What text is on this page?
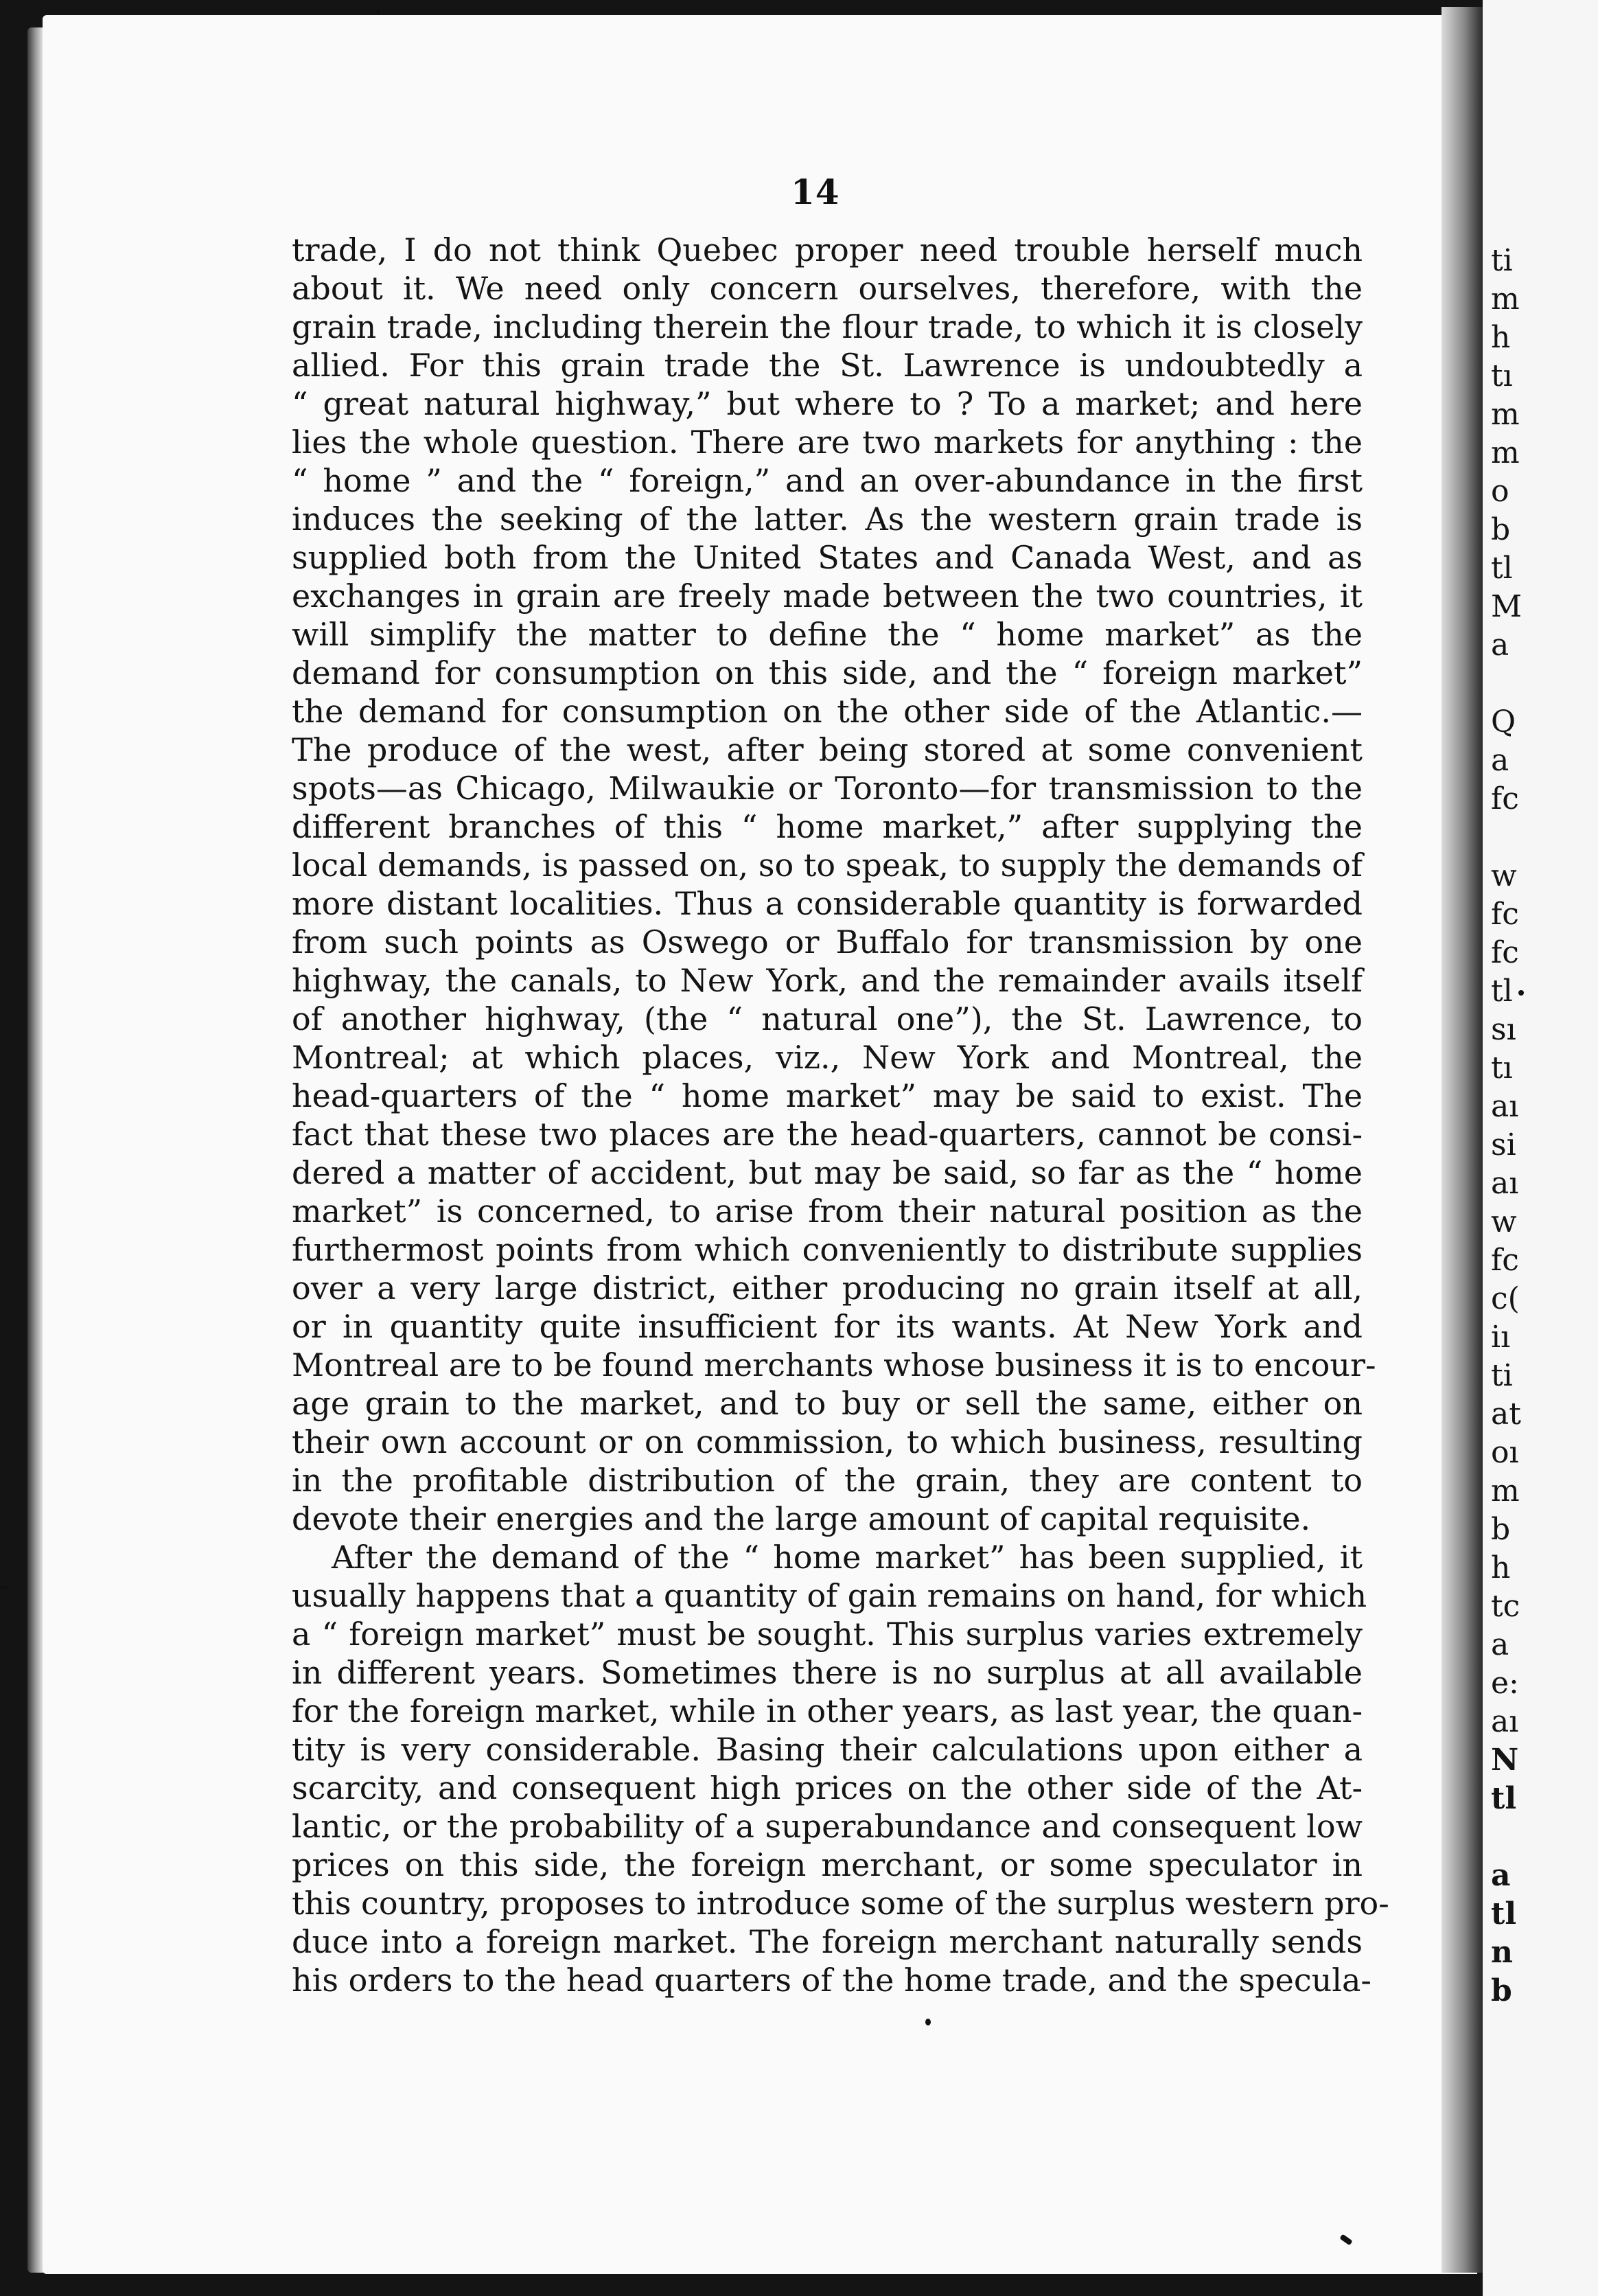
14
trade, I do not think Quebec proper need trouble herself much
about it. We need only concern ourselves, therefore, with the
grain trade, including therein the flour trade, to which it is closely
allied. For this grain trade the St. Lawrence is undoubtedly a
“ great natural highway,” but where to ? To a market; and here
lies the whole question. There are two markets for anything : the
“ home ” and the “ foreign,” and an over-abundance in the first
induces the seeking of the latter. As the western grain trade is
supplied both from the United States and Canada West, and as
exchanges in grain are freely made between the two countries, it
will simplify the matter to define the “ home market” as the
demand for consumption on this side, and the “ foreign market”
the demand for consumption on the other side of the Atlantic.—
The produce of the west, after being stored at some convenient
spots—as Chicago, Milwaukie or Toronto—for transmission to the
different branches of this “ home market,” after supplying the
local demands, is passed on, so to speak, to supply the demands of
more distant localities. Thus a considerable quantity is forwarded
from such points as Oswego or Buffalo for transmission by one
highway, the canals, to New York, and the remainder avails itself
of another highway, (the “ natural one”), the St. Lawrence, to
Montreal; at which places, viz., New York and Montreal, the
head-quarters of the “ home market” may be said to exist. The
fact that these two places are the head-quarters, cannot be consi-
dered a matter of accident, but may be said, so far as the “ home
market” is concerned, to arise from their natural position as the
furthermost points from which conveniently to distribute supplies
over a very large district, either producing no grain itself at all,
or in quantity quite insufficient for its wants. At New York and
Montreal are to be found merchants whose business it is to encour-
age grain to the market, and to buy or sell the same, either on
their own account or on commission, to which business, resulting
in the profitable distribution of the grain, they are content to
devote their energies and the large amount of capital requisite.
After the demand of the “ home market” has been supplied, it
usually happens that a quantity of gain remains on hand, for which
a “ foreign market” must be sought. This surplus varies extremely
in different years. Sometimes there is no surplus at all available
for the foreign market, while in other years, as last year, the quan-
tity is very considerable. Basing their calculations upon either a
scarcity, and consequent high prices on the other side of the At-
lantic, or the probability of a superabundance and consequent low
prices on this side, the foreign merchant, or some speculator in
this country, proposes to introduce some of the surplus western pro-
duce into a foreign market. The foreign merchant naturally sends
his orders to the head quarters of the home trade, and the specula-
ti
m
h
tı
m
m
o
b
tl
M
a
Q
a
fc
w
fc
fc
tl
sı
tı
aı
si
aı
w
fc
c(
iı
ti
at
oı
m
b
h
tc
a
e:
aı
N
tl
a
tl
n
b
